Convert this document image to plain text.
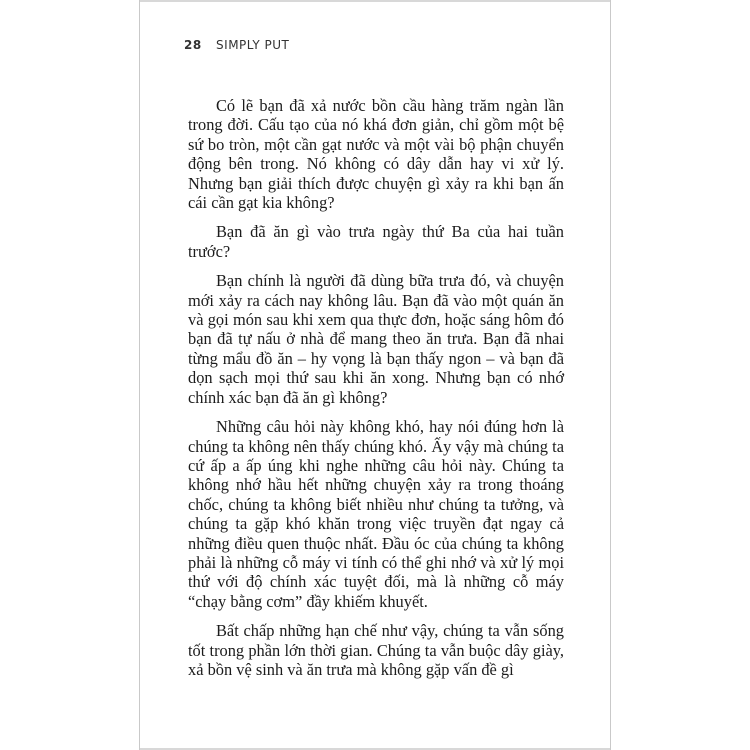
28 SIMPLY PUT

Có lẽ bạn đã xả nước bồn cầu hàng trăm ngàn lần trong đời. Cấu tạo của nó khá đơn giản, chỉ gồm một bệ sứ bo tròn, một cần gạt nước và một vài bộ phận chuyển động bên trong. Nó không có dây dẫn hay vi xử lý. Nhưng bạn giải thích được chuyện gì xảy ra khi bạn ấn cái cần gạt kia không?

Bạn đã ăn gì vào trưa ngày thứ Ba của hai tuần trước?

Bạn chính là người đã dùng bữa trưa đó, và chuyện mới xảy ra cách nay không lâu. Bạn đã vào một quán ăn và gọi món sau khi xem qua thực đơn, hoặc sáng hôm đó bạn đã tự nấu ở nhà để mang theo ăn trưa. Bạn đã nhai từng mẩu đồ ăn – hy vọng là bạn thấy ngon – và bạn đã dọn sạch mọi thứ sau khi ăn xong. Nhưng bạn có nhớ chính xác bạn đã ăn gì không?

Những câu hỏi này không khó, hay nói đúng hơn là chúng ta không nên thấy chúng khó. Ấy vậy mà chúng ta cứ ấp a ấp úng khi nghe những câu hỏi này. Chúng ta không nhớ hầu hết những chuyện xảy ra trong thoáng chốc, chúng ta không biết nhiều như chúng ta tưởng, và chúng ta gặp khó khăn trong việc truyền đạt ngay cả những điều quen thuộc nhất. Đầu óc của chúng ta không phải là những cỗ máy vi tính có thể ghi nhớ và xử lý mọi thứ với độ chính xác tuyệt đối, mà là những cỗ máy “chạy bằng cơm” đầy khiếm khuyết.

Bất chấp những hạn chế như vậy, chúng ta vẫn sống tốt trong phần lớn thời gian. Chúng ta vẫn buộc dây giày, xả bồn vệ sinh và ăn trưa mà không gặp vấn đề gì
